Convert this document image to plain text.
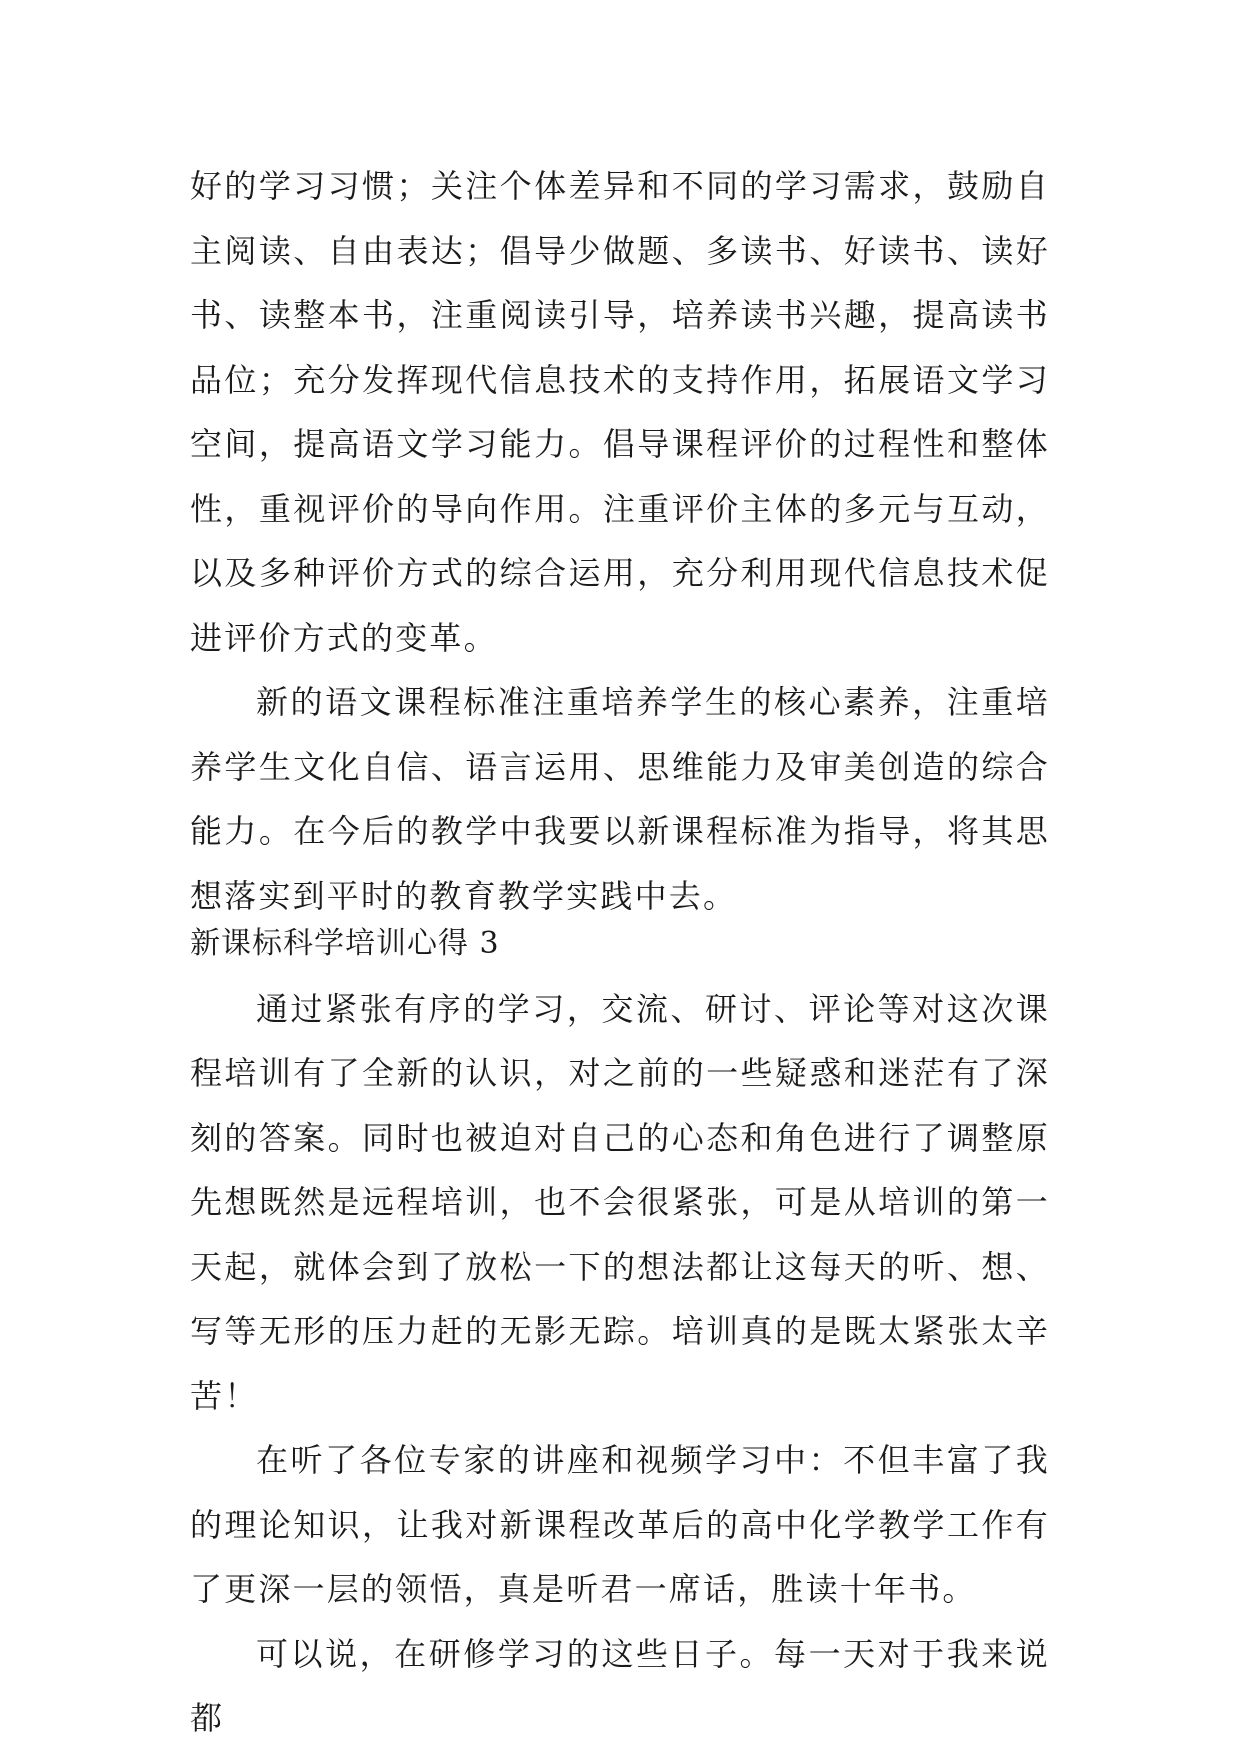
好的学习习惯；关注个体差异和不同的学习需求，鼓励自主阅读、自由表达；倡导少做题、多读书、好读书、读好书、读整本书，注重阅读引导，培养读书兴趣，提高读书品位；充分发挥现代信息技术的支持作用，拓展语文学习空间，提高语文学习能力。倡导课程评价的过程性和整体性，重视评价的导向作用。注重评价主体的多元与互动，以及多种评价方式的综合运用，充分利用现代信息技术促进评价方式的变革。

新的语文课程标准注重培养学生的核心素养，注重培养学生文化自信、语言运用、思维能力及审美创造的综合能力。在今后的教学中我要以新课程标准为指导，将其思想落实到平时的教育教学实践中去。

新课标科学培训心得 3

通过紧张有序的学习，交流、研讨、评论等对这次课程培训有了全新的认识，对之前的一些疑惑和迷茫有了深刻的答案。同时也被迫对自己的心态和角色进行了调整原先想既然是远程培训，也不会很紧张，可是从培训的第一天起，就体会到了放松一下的想法都让这每天的听、想、写等无形的压力赶的无影无踪。培训真的是既太紧张太辛苦！

在听了各位专家的讲座和视频学习中：不但丰富了我的理论知识，让我对新课程改革后的高中化学教学工作有了更深一层的领悟，真是听君一席话，胜读十年书。

可以说，在研修学习的这些日子。每一天对于我来说都
